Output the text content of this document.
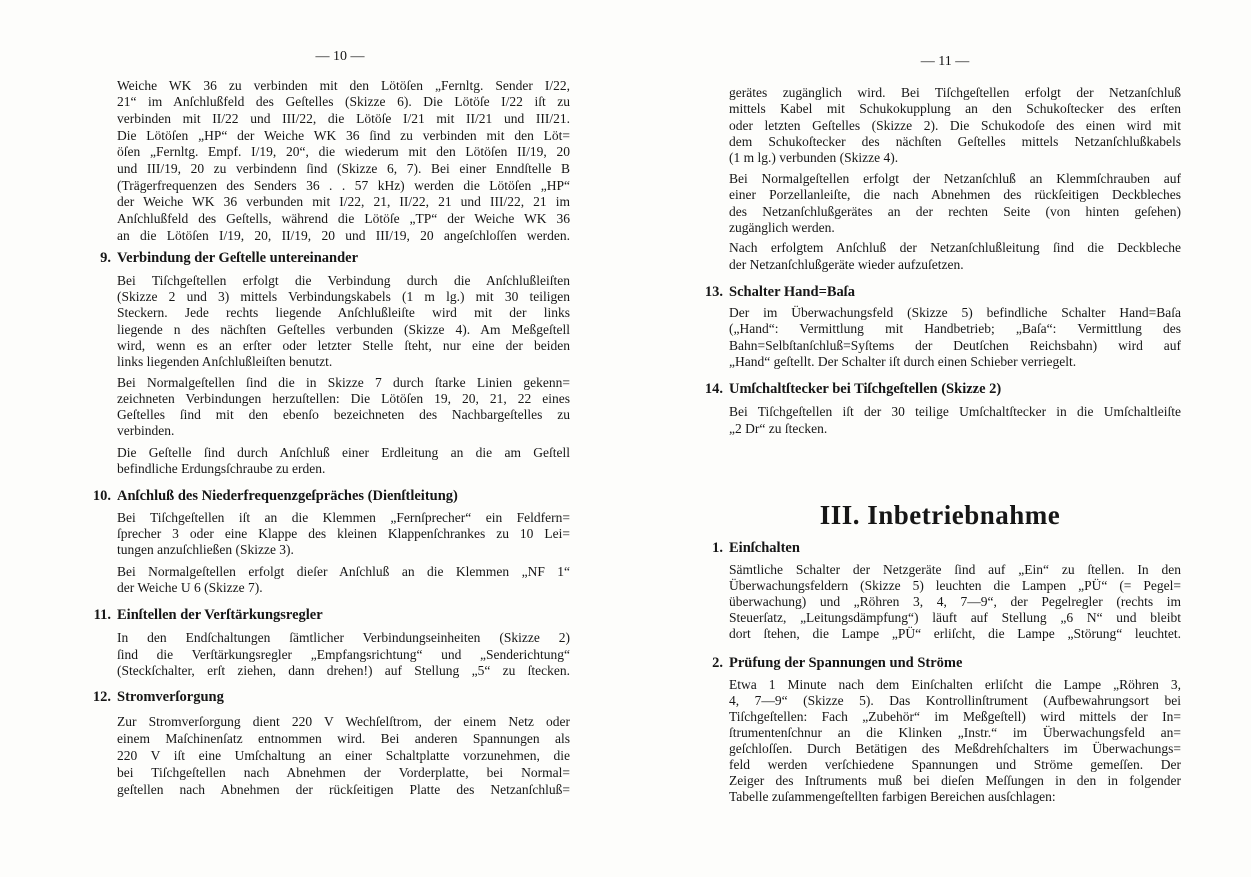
— 10 —
Weiche WK 36 zu verbinden mit den Lötöſen „Fernltg. Sender I/22,
21“ im Anſchlußfeld des Geſtelles (Skizze 6). Die Lötöſe I/22 iſt zu
verbinden mit II/22 und III/22, die Lötöſe I/21 mit II/21 und III/21.
Die Lötöſen „HP“ der Weiche WK 36 ſind zu verbinden mit den Löt=
öſen „Fernltg. Empf. I/19, 20“, die wiederum mit den Lötöſen II/19, 20
und III/19, 20 zu verbindenn ſind (Skizze 6, 7). Bei einer Enndſtelle B
(Trägerfrequenzen des Senders 36 . . 57 kHz) werden die Lötöſen „HP“
der Weiche WK 36 verbunden mit I/22, 21, II/22, 21 und III/22, 21 im
Anſchlußfeld des Geſtells, während die Lötöſe „TP“ der Weiche WK 36
an die Lötöſen I/19, 20, II/19, 20 und III/19, 20 angeſchloſſen werden.
9. Verbindung der Geſtelle untereinander
Bei Tiſchgeſtellen erfolgt die Verbindung durch die Anſchlußleiſten
(Skizze 2 und 3) mittels Verbindungskabels (1 m lg.) mit 30 teiligen
Steckern. Jede rechts liegende Anſchlußleiſte wird mit der links
liegende n des nächſten Geſtelles verbunden (Skizze 4). Am Meßgeſtell
wird, wenn es an erſter oder letzter Stelle ſteht, nur eine der beiden
links liegenden Anſchlußleiſten benutzt.
Bei Normalgeſtellen ſind die in Skizze 7 durch ſtarke Linien gekenn=
zeichneten Verbindungen herzuſtellen: Die Lötöſen 19, 20, 21, 22 eines
Geſtelles ſind mit den ebenſo bezeichneten des Nachbargeſtelles zu
verbinden.
Die Geſtelle ſind durch Anſchluß einer Erdleitung an die am Geſtell
befindliche Erdungsſchraube zu erden.
10. Anſchluß des Niederfrequenzgeſpräches (Dienſtleitung)
Bei Tiſchgeſtellen iſt an die Klemmen „Fernſprecher“ ein Feldfern=
ſprecher 3 oder eine Klappe des kleinen Klappenſchrankes zu 10 Lei=
tungen anzuſchließen (Skizze 3).
Bei Normalgeſtellen erfolgt dieſer Anſchluß an die Klemmen „NF 1“
der Weiche U 6 (Skizze 7).
11. Einſtellen der Verſtärkungsregler
In den Endſchaltungen ſämtlicher Verbindungseinheiten (Skizze 2)
ſind die Verſtärkungsregler „Empfangsrichtung“ und „Senderichtung“
(Steckſchalter, erſt ziehen, dann drehen!) auf Stellung „5“ zu ſtecken.
12. Stromverſorgung
Zur Stromverſorgung dient 220 V Wechſelſtrom, der einem Netz oder
einem Maſchinenſatz entnommen wird. Bei anderen Spannungen als
220 V iſt eine Umſchaltung an einer Schaltplatte vorzunehmen, die
bei Tiſchgeſtellen nach Abnehmen der Vorderplatte, bei Normal=
geſtellen nach Abnehmen der rückſeitigen Platte des Netzanſchluß=
— 11 —
gerätes zugänglich wird. Bei Tiſchgeſtellen erfolgt der Netzanſchluß
mittels Kabel mit Schukokupplung an den Schukoſtecker des erſten
oder letzten Geſtelles (Skizze 2). Die Schukodoſe des einen wird mit
dem Schukoſtecker des nächſten Geſtelles mittels Netzanſchlußkabels
(1 m lg.) verbunden (Skizze 4).
Bei Normalgeſtellen erfolgt der Netzanſchluß an Klemmſchrauben auf
einer Porzellanleiſte, die nach Abnehmen des rückſeitigen Deckbleches
des Netzanſchlußgerätes an der rechten Seite (von hinten geſehen)
zugänglich werden.
Nach erfolgtem Anſchluß der Netzanſchlußleitung ſind die Deckbleche
der Netzanſchlußgeräte wieder aufzuſetzen.
13. Schalter Hand=Baſa
Der im Überwachungsfeld (Skizze 5) befindliche Schalter Hand=Baſa
(„Hand“: Vermittlung mit Handbetrieb; „Baſa“: Vermittlung des
Bahn=Selbſtanſchluß=Syſtems der Deutſchen Reichsbahn) wird auf
„Hand“ geſtellt. Der Schalter iſt durch einen Schieber verriegelt.
14. Umſchaltſtecker bei Tiſchgeſtellen (Skizze 2)
Bei Tiſchgeſtellen iſt der 30 teilige Umſchaltſtecker in die Umſchaltleiſte
„2 Dr“ zu ſtecken.
III. Inbetriebnahme
1. Einſchalten
Sämtliche Schalter der Netzgeräte ſind auf „Ein“ zu ſtellen. In den
Überwachungsfeldern (Skizze 5) leuchten die Lampen „PÜ“ (= Pegel=
überwachung) und „Röhren 3, 4, 7—9“, der Pegelregler (rechts im
Steuerſatz, „Leitungsdämpfung“) läuft auf Stellung „6 N“ und bleibt
dort ſtehen, die Lampe „PÜ“ erliſcht, die Lampe „Störung“ leuchtet.
2. Prüfung der Spannungen und Ströme
Etwa 1 Minute nach dem Einſchalten erliſcht die Lampe „Röhren 3,
4, 7—9“ (Skizze 5). Das Kontrollinſtrument (Aufbewahrungsort bei
Tiſchgeſtellen: Fach „Zubehör“ im Meßgeſtell) wird mittels der In=
ſtrumentenſchnur an die Klinken „Instr.“ im Überwachungsfeld an=
geſchloſſen. Durch Betätigen des Meßdrehſchalters im Überwachungs=
feld werden verſchiedene Spannungen und Ströme gemeſſen. Der
Zeiger des Inſtruments muß bei dieſen Meſſungen in den in folgender
Tabelle zuſammengeſtellten farbigen Bereichen ausſchlagen:
